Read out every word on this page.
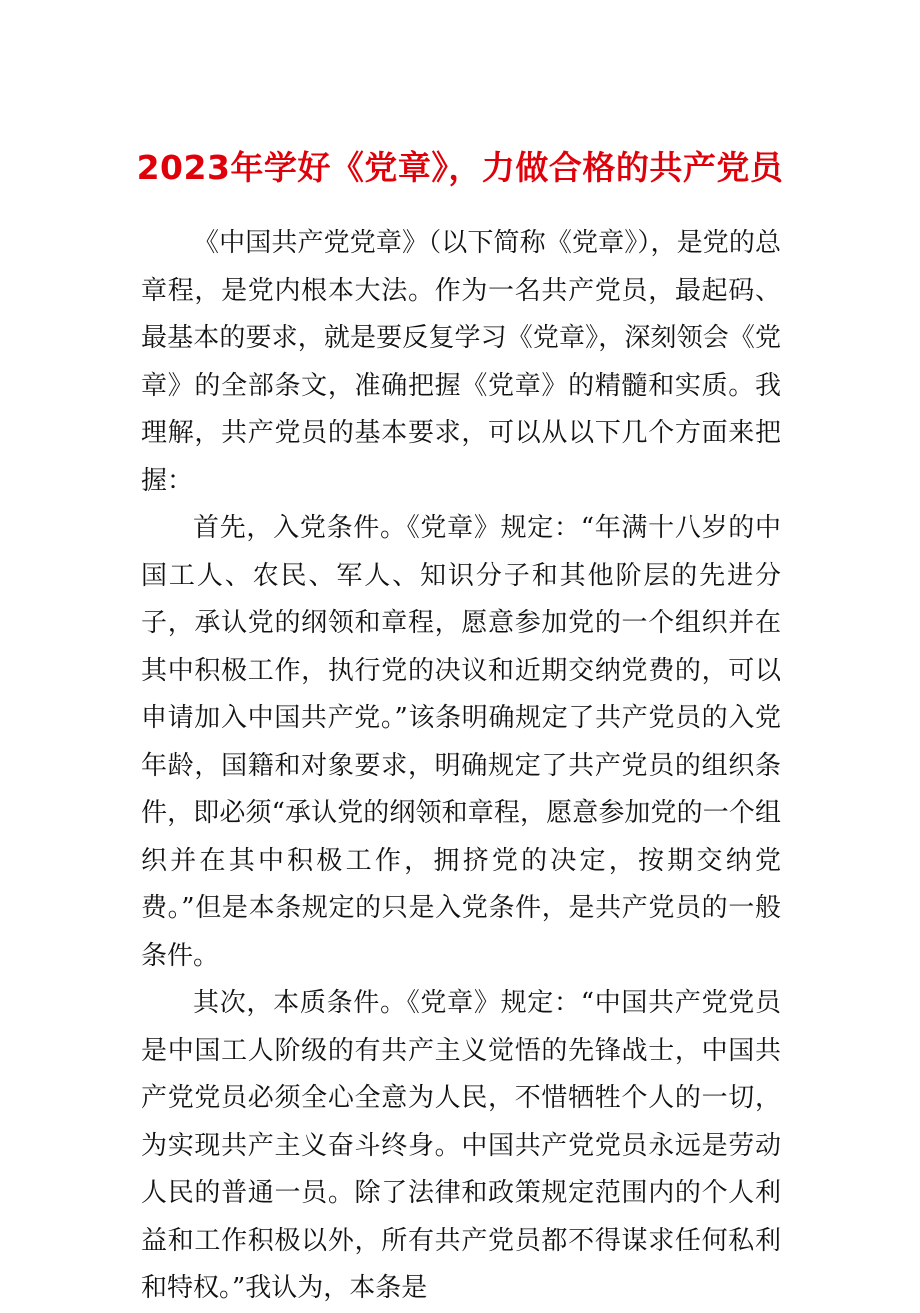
2023年学好《党章》，力做合格的共产党员

《中国共产党党章》（以下简称《党章》），是党的总章程，是党内根本大法。作为一名共产党员，最起码、最基本的要求，就是要反复学习《党章》，深刻领会《党章》的全部条文，准确把握《党章》的精髓和实质。我理解，共产党员的基本要求，可以从以下几个方面来把握：

首先，入党条件。《党章》规定：“年满十八岁的中国工人、农民、军人、知识分子和其他阶层的先进分子，承认党的纲领和章程，愿意参加党的一个组织并在其中积极工作，执行党的决议和近期交纳党费的，可以申请加入中国共产党。”该条明确规定了共产党员的入党年龄，国籍和对象要求，明确规定了共产党员的组织条件，即必须“承认党的纲领和章程，愿意参加党的一个组织并在其中积极工作，拥挤党的决定，按期交纳党费。”但是本条规定的只是入党条件，是共产党员的一般条件。

其次，本质条件。《党章》规定：“中国共产党党员是中国工人阶级的有共产主义觉悟的先锋战士，中国共产党党员必须全心全意为人民，不惜牺牲个人的一切，为实现共产主义奋斗终身。中国共产党党员永远是劳动人民的普通一员。除了法律和政策规定范围内的个人利益和工作积极以外，所有共产党员都不得谋求任何私利和特权。”我认为，本条是
